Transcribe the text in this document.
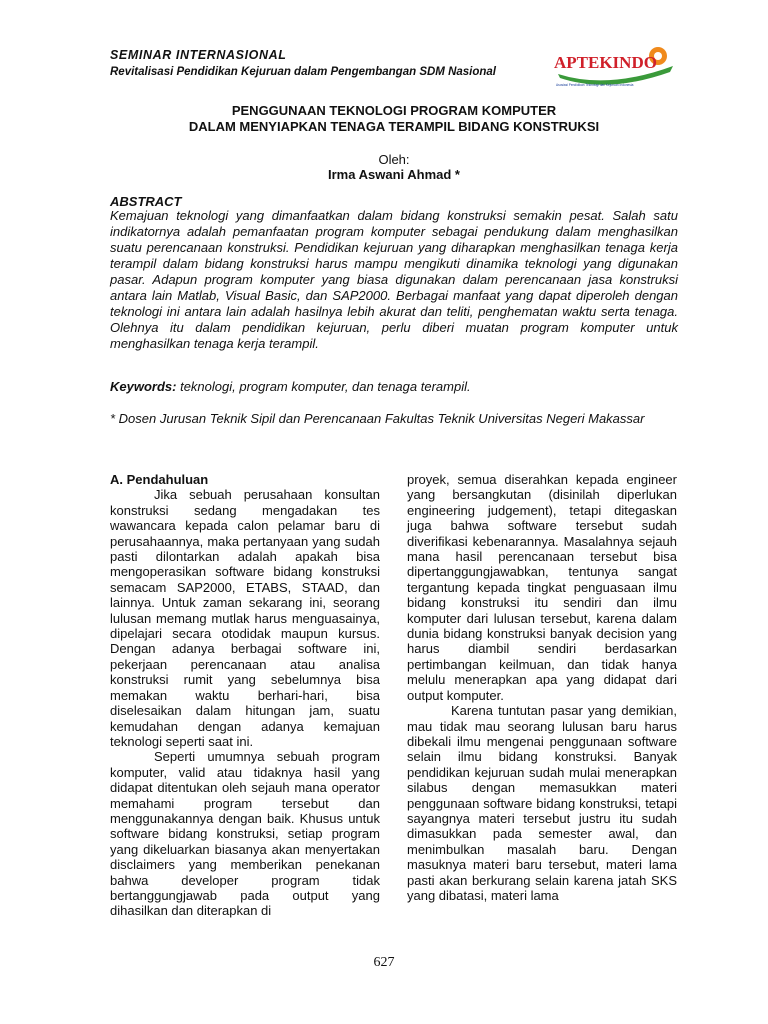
SEMINAR INTERNASIONAL
Revitalisasi Pendidikan Kejuruan dalam Pengembangan SDM Nasional	APTEKINDO
Asosiasi Pendidikan Teknologi dan Kejuruan Indonesia
PENGGUNAAN TEKNOLOGI PROGRAM KOMPUTER
DALAM MENYIAPKAN TENAGA TERAMPIL BIDANG KONSTRUKSI
Oleh:
Irma Aswani Ahmad *
ABSTRACT

Kemajuan teknologi yang dimanfaatkan dalam bidang konstruksi semakin pesat. Salah satu indikatornya adalah pemanfaatan program komputer sebagai pendukung dalam menghasilkan suatu perencanaan konstruksi. Pendidikan kejuruan yang diharapkan menghasilkan tenaga kerja terampil dalam bidang konstruksi harus mampu mengikuti dinamika teknologi yang digunakan pasar. Adapun program komputer yang biasa digunakan dalam perencanaan jasa konstruksi antara lain Matlab, Visual Basic, dan SAP2000. Berbagai manfaat yang dapat diperoleh dengan teknologi ini antara lain adalah hasilnya lebih akurat dan teliti, penghematan waktu serta tenaga. Olehnya itu dalam pendidikan kejuruan, perlu diberi muatan program komputer untuk menghasilkan tenaga kerja terampil.

Keywords: teknologi, program komputer, dan tenaga terampil.

* Dosen Jurusan Teknik Sipil dan Perencanaan Fakultas Teknik Universitas Negeri Makassar

A. Pendahuluan

Jika sebuah perusahaan konsultan konstruksi sedang mengadakan tes wawancara kepada calon pelamar baru di perusahaannya, maka pertanyaan yang sudah pasti dilontarkan adalah apakah bisa mengoperasikan software bidang konstruksi semacam SAP2000, ETABS, STAAD, dan lainnya. Untuk zaman sekarang ini, seorang lulusan memang mutlak harus menguasainya, dipelajari secara otodidak maupun kursus. Dengan adanya berbagai software ini, pekerjaan perencanaan atau analisa konstruksi rumit yang sebelumnya bisa memakan waktu berhari-hari, bisa diselesaikan dalam hitungan jam, suatu kemudahan dengan adanya kemajuan teknologi seperti saat ini.

Seperti umumnya sebuah program komputer, valid atau tidaknya hasil yang didapat ditentukan oleh sejauh mana operator memahami program tersebut dan menggunakannya dengan baik. Khusus untuk software bidang konstruksi, setiap program yang dikeluarkan biasanya akan menyertakan disclaimers yang memberikan penekanan bahwa developer program tidak bertanggungjawab pada output yang dihasilkan dan diterapkan di

proyek, semua diserahkan kepada engineer yang bersangkutan (disinilah diperlukan engineering judgement), tetapi ditegaskan juga bahwa software tersebut sudah diverifikasi kebenarannya. Masalahnya sejauh mana hasil perencanaan tersebut bisa dipertanggungjawabkan, tentunya sangat tergantung kepada tingkat penguasaan ilmu bidang konstruksi itu sendiri dan ilmu komputer dari lulusan tersebut, karena dalam dunia bidang konstruksi banyak decision yang harus diambil sendiri berdasarkan pertimbangan keilmuan, dan tidak hanya melulu menerapkan apa yang didapat dari output komputer.

Karena tuntutan pasar yang demikian, mau tidak mau seorang lulusan baru harus dibekali ilmu mengenai penggunaan software selain ilmu bidang konstruksi. Banyak pendidikan kejuruan sudah mulai menerapkan silabus dengan memasukkan materi penggunaan software bidang konstruksi, tetapi sayangnya materi tersebut justru itu sudah dimasukkan pada semester awal, dan menimbulkan masalah baru. Dengan masuknya materi baru tersebut, materi lama pasti akan berkurang selain karena jatah SKS yang dibatasi, materi lama

627
